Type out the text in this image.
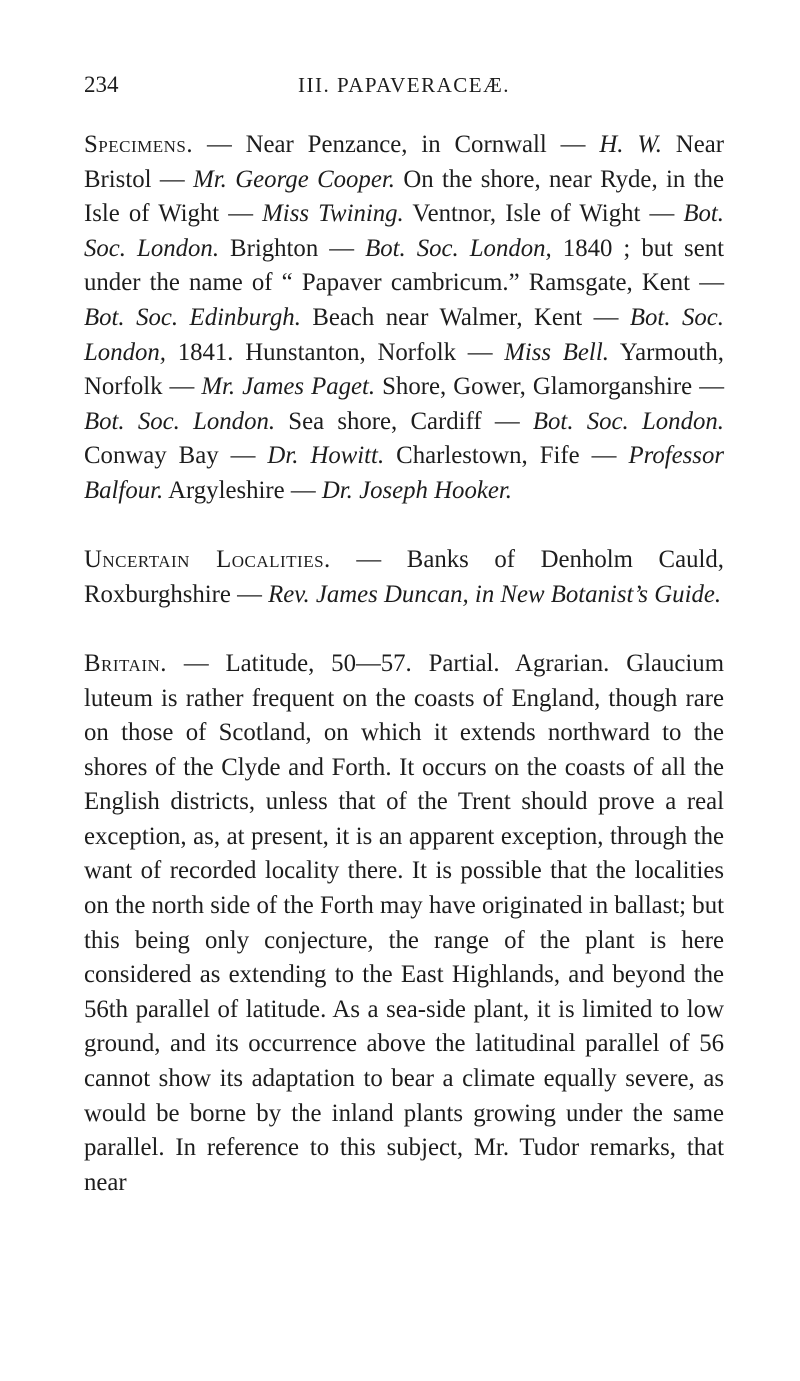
234	III. PAPAVERACEÆ.

Specimens. — Near Penzance, in Cornwall — H. W. Near Bristol — Mr. George Cooper. On the shore, near Ryde, in the Isle of Wight — Miss Twining. Ventnor, Isle of Wight — Bot. Soc. London. Brighton — Bot. Soc. London, 1840 ; but sent under the name of “ Papaver cambricum.” Ramsgate, Kent — Bot. Soc. Edinburgh. Beach near Walmer, Kent — Bot. Soc. London, 1841. Hunstanton, Norfolk — Miss Bell. Yarmouth, Norfolk — Mr. James Paget. Shore, Gower, Glamorganshire — Bot. Soc. London. Sea shore, Cardiff — Bot. Soc. London. Conway Bay — Dr. Howitt. Charlestown, Fife — Professor Balfour. Argyleshire — Dr. Joseph Hooker.

Uncertain Localities. — Banks of Denholm Cauld, Roxburghshire — Rev. James Duncan, in New Botanist’s Guide.

Britain. — Latitude, 50—57. Partial. Agrarian. Glaucium luteum is rather frequent on the coasts of England, though rare on those of Scotland, on which it extends northward to the shores of the Clyde and Forth. It occurs on the coasts of all the English districts, unless that of the Trent should prove a real exception, as, at present, it is an apparent exception, through the want of recorded locality there. It is possible that the localities on the north side of the Forth may have originated in ballast; but this being only conjecture, the range of the plant is here considered as extending to the East Highlands, and beyond the 56th parallel of latitude. As a sea-side plant, it is limited to low ground, and its occurrence above the latitudinal parallel of 56 cannot show its adaptation to bear a climate equally severe, as would be borne by the inland plants growing under the same parallel. In reference to this subject, Mr. Tudor remarks, that near
